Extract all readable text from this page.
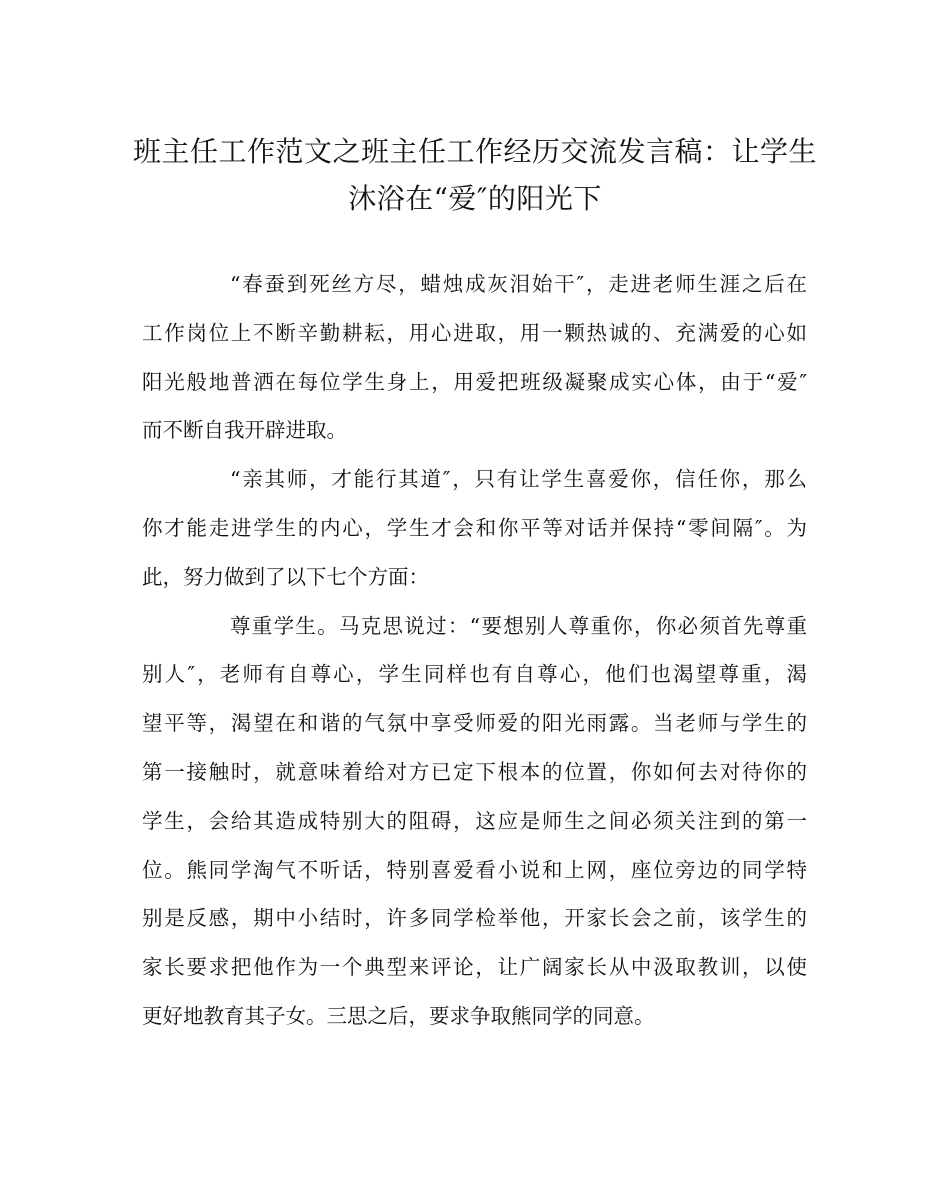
班主任工作范文之班主任工作经历交流发言稿：让学生
沐浴在“爱″的阳光下

“春蚕到死丝方尽，蜡烛成灰泪始干″，走进老师生涯之后在
工作岗位上不断辛勤耕耘，用心进取，用一颗热诚的、充满爱的心如
阳光般地普洒在每位学生身上，用爱把班级凝聚成实心体，由于“爱″
而不断自我开辟进取。

“亲其师，才能行其道″，只有让学生喜爱你，信任你，那么
你才能走进学生的内心，学生才会和你平等对话并保持“零间隔″。为
此，努力做到了以下七个方面：

尊重学生。马克思说过：“要想别人尊重你，你必须首先尊重
别人″，老师有自尊心，学生同样也有自尊心，他们也渴望尊重，渴
望平等，渴望在和谐的气氛中享受师爱的阳光雨露。当老师与学生的
第一接触时，就意味着给对方已定下根本的位置，你如何去对待你的
学生，会给其造成特别大的阻碍，这应是师生之间必须关注到的第一
位。熊同学淘气不听话，特别喜爱看小说和上网，座位旁边的同学特
别是反感，期中小结时，许多同学检举他，开家长会之前，该学生的
家长要求把他作为一个典型来评论，让广阔家长从中汲取教训，以使
更好地教育其子女。三思之后，要求争取熊同学的同意。
